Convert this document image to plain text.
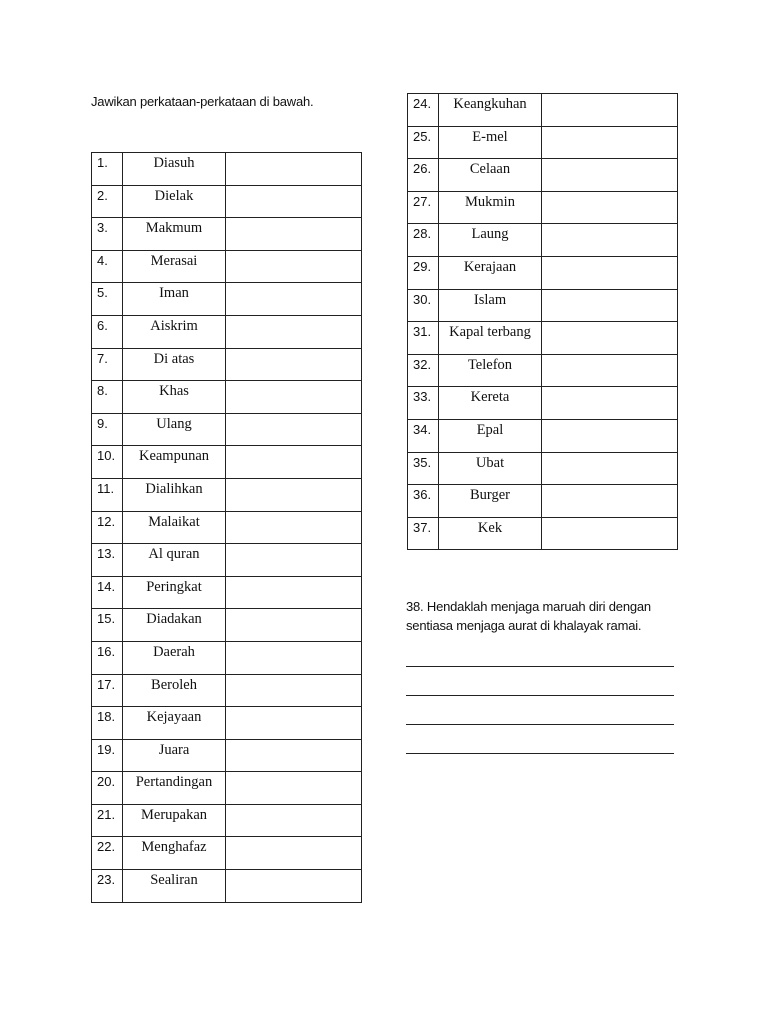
Jawikan perkataan-perkataan di bawah.
1.	Diasuh	
2.	Dielak	
3.	Makmum	
4.	Merasai	
5.	Iman	
6.	Aiskrim	
7.	Di atas	
8.	Khas	
9.	Ulang	
10.	Keampunan	
11.	Dialihkan	
12.	Malaikat	
13.	Al quran	
14.	Peringkat	
15.	Diadakan	
16.	Daerah	
17.	Beroleh	
18.	Kejayaan	
19.	Juara	
20.	Pertandingan	
21.	Merupakan	
22.	Menghafaz	
23.	Sealiran	
24.	Keangkuhan	
25.	E-mel	
26.	Celaan	
27.	Mukmin	
28.	Laung	
29.	Kerajaan	
30.	Islam	
31.	Kapal terbang	
32.	Telefon	
33.	Kereta	
34.	Epal	
35.	Ubat	
36.	Burger	
37.	Kek	
38. Hendaklah menjaga maruah diri dengan sentiasa menjaga aurat di khalayak ramai.
